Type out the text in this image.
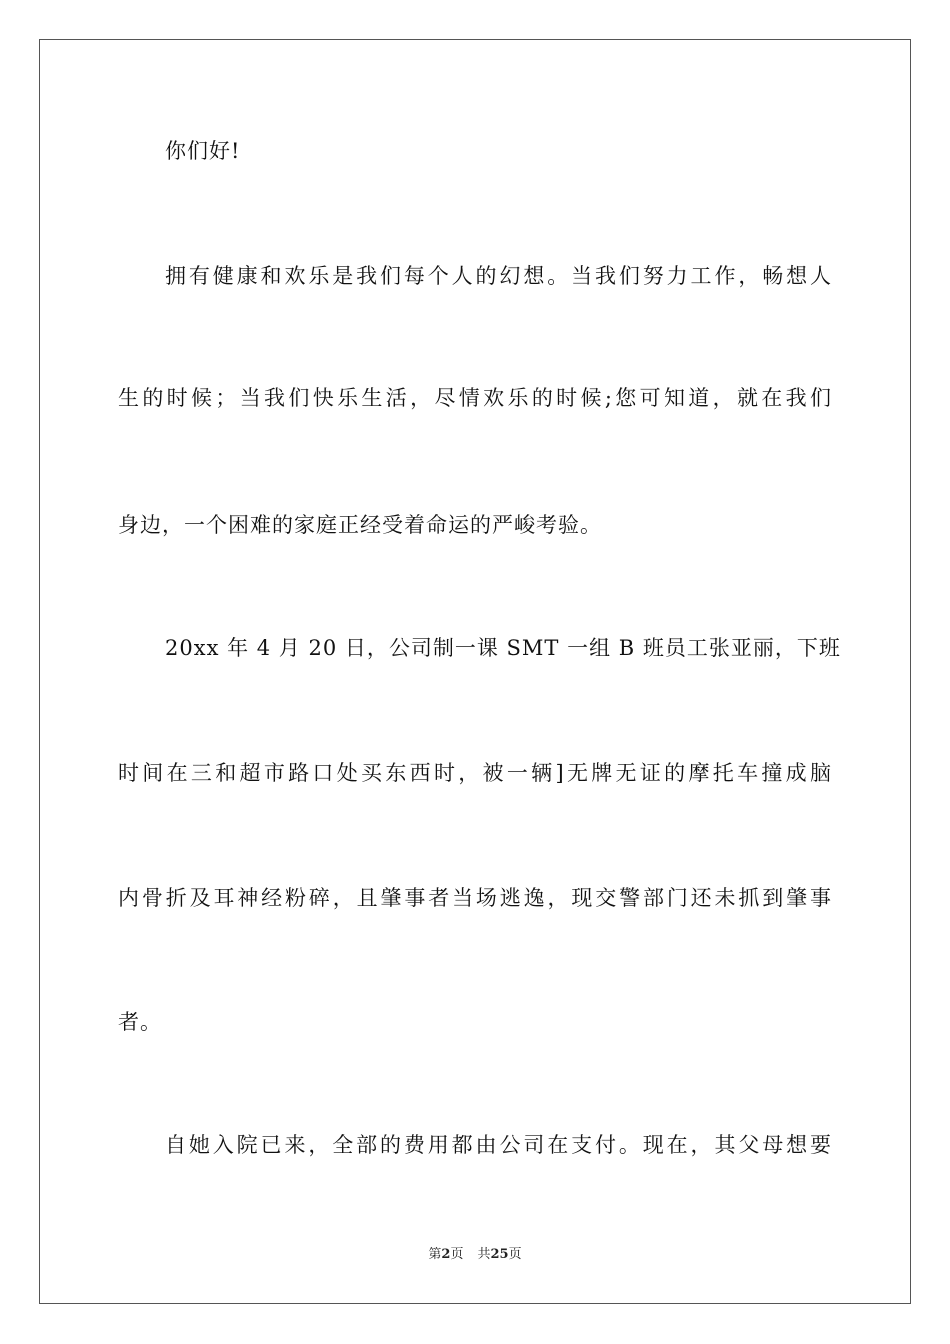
你们好!
拥有健康和欢乐是我们每个人的幻想。当我们努力工作，畅想人
生的时候；当我们快乐生活，尽情欢乐的时候;您可知道，就在我们
身边，一个困难的家庭正经受着命运的严峻考验。
20xx 年 4 月 20 日，公司制一课 SMT 一组 B 班员工张亚丽，下班
时间在三和超市路口处买东西时，被一辆]无牌无证的摩托车撞成脑
内骨折及耳神经粉碎，且肇事者当场逃逸，现交警部门还未抓到肇事
者。
自她入院已来，全部的费用都由公司在支付。现在，其父母想要
第2页 共25页
